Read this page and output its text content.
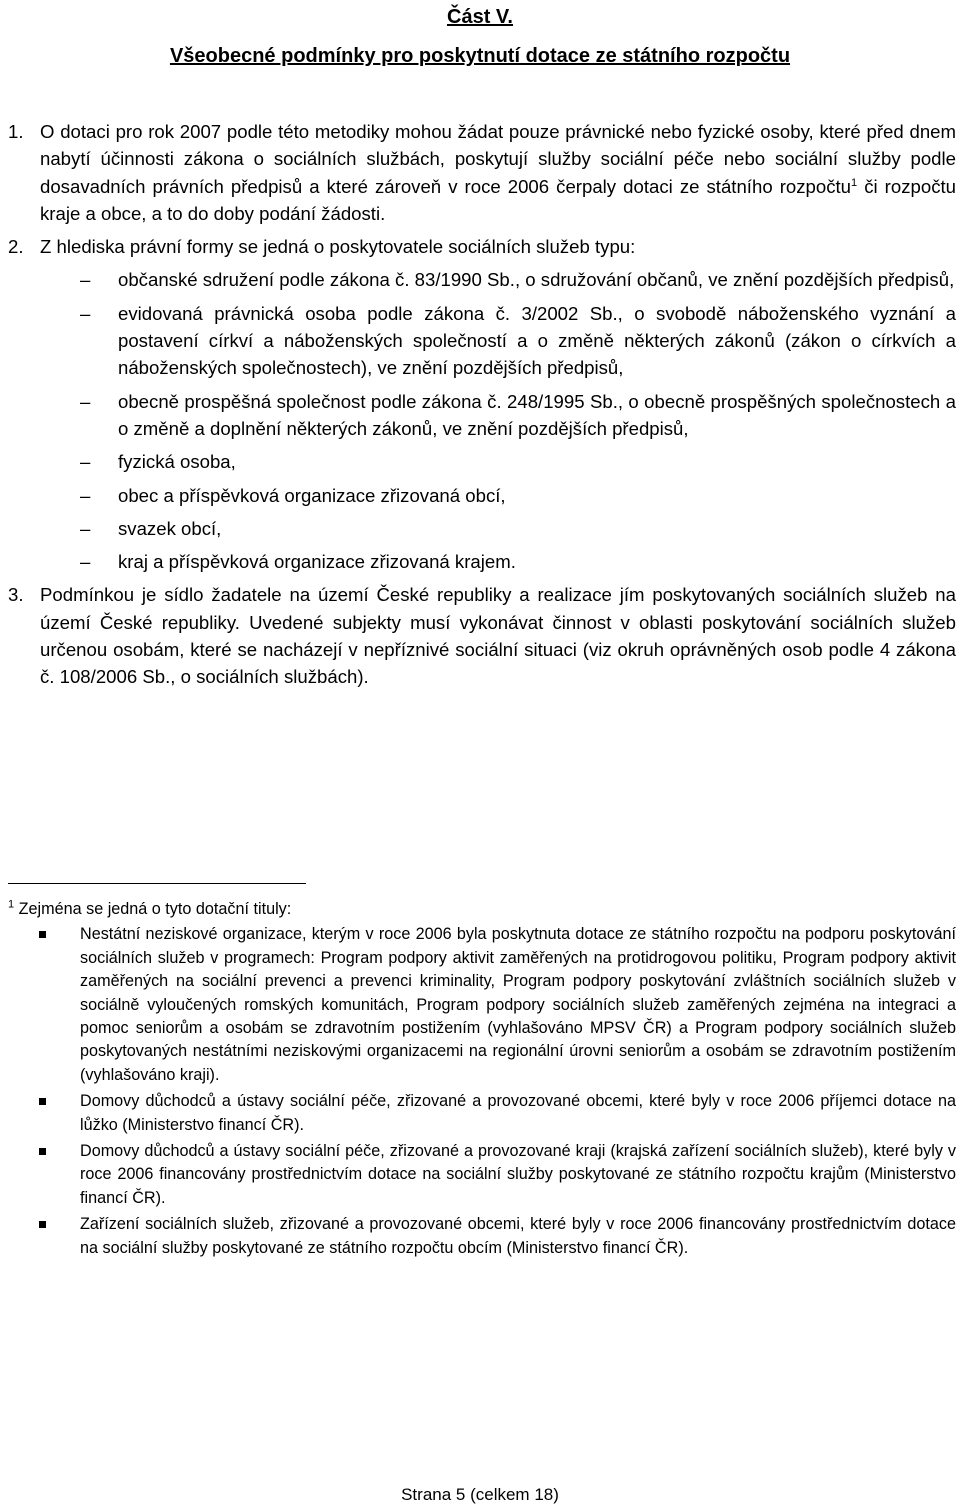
Část V.

Všeobecné podmínky pro poskytnutí dotace ze státního rozpočtu

1. O dotaci pro rok 2007 podle této metodiky mohou žádat pouze právnické nebo fyzické osoby, které před dnem nabytí účinnosti zákona o sociálních službách, poskytují služby sociální péče nebo sociální služby podle dosavadních právních předpisů a které zároveň v roce 2006 čerpaly dotaci ze státního rozpočtu$^1$ či rozpočtu kraje a obce, a to do doby podání žádosti.
2. Z hlediska právní formy se jedná o poskytovatele sociálních služeb typu:
– občanské sdružení podle zákona č. 83/1990 Sb., o sdružování občanů, ve znění pozdějších předpisů,
– evidovaná právnická osoba podle zákona č. 3/2002 Sb., o svobodě náboženského vyznání a postavení církví a náboženských společností a o změně některých zákonů (zákon o církvích a náboženských společnostech), ve znění pozdějších předpisů,
– obecně prospěšná společnost podle zákona č. 248/1995 Sb., o obecně prospěšných společnostech a o změně a doplnění některých zákonů, ve znění pozdějších předpisů,
– fyzická osoba,
– obec a příspěvková organizace zřizovaná obcí,
– svazek obcí,
– kraj a příspěvková organizace zřizovaná krajem.
3. Podmínkou je sídlo žadatele na území České republiky a realizace jím poskytovaných sociálních služeb na území České republiky. Uvedené subjekty musí vykonávat činnost v oblasti poskytování sociálních služeb určenou osobám, které se nacházejí v nepříznivé sociální situaci (viz okruh oprávněných osob podle 4 zákona č. 108/2006 Sb., o sociálních službách).

$^1$ Zejména se jedná o tyto dotační tituly:

Nestátní neziskové organizace, kterým v roce 2006 byla poskytnuta dotace ze státního rozpočtu na podporu poskytování sociálních služeb v programech: Program podpory aktivit zaměřených na protidrogovou politiku, Program podpory aktivit zaměřených na sociální prevenci a prevenci kriminality, Program podpory poskytování zvláštních sociálních služeb v sociálně vyloučených romských komunitách, Program podpory sociálních služeb zaměřených zejména na integraci a pomoc seniorům a osobám se zdravotním postižením (vyhlašováno MPSV ČR) a Program podpory sociálních služeb poskytovaných nestátními neziskovými organizacemi na regionální úrovni seniorům a osobám se zdravotním postižením (vyhlašováno kraji).
Domovy důchodců a ústavy sociální péče, zřizované a provozované obcemi, které byly v roce 2006 příjemci dotace na lůžko (Ministerstvo financí ČR).
Domovy důchodců a ústavy sociální péče, zřizované a provozované kraji (krajská zařízení sociálních služeb), které byly v roce 2006 financovány prostřednictvím dotace na sociální služby poskytované ze státního rozpočtu krajům (Ministerstvo financí ČR).
Zařízení sociálních služeb, zřizované a provozované obcemi, které byly v roce 2006 financovány prostřednictvím dotace na sociální služby poskytované ze státního rozpočtu obcím (Ministerstvo financí ČR).
Strana 5 (celkem 18)
